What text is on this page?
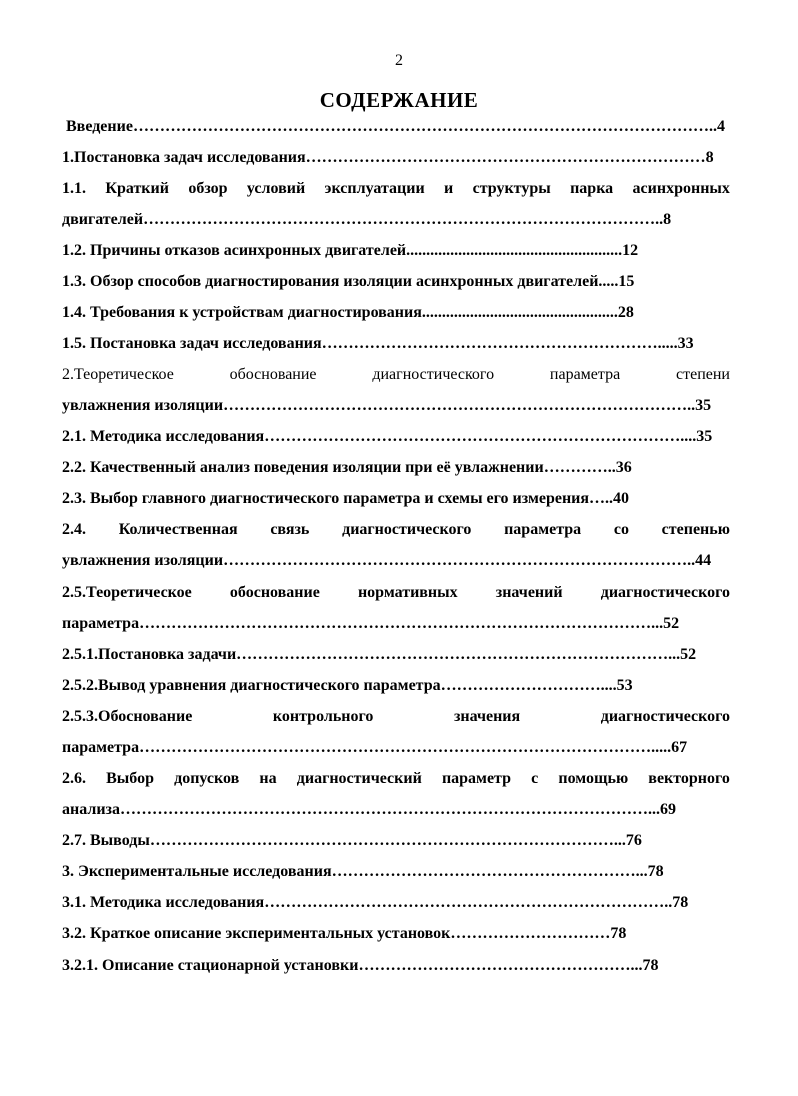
2
СОДЕРЖАНИЕ
Введение………………………………………………………………………………………………..4
1.Постановка задач исследования…………………………………………………………………8
1.1. Краткий обзор условий эксплуатации и структуры парка асинхронных
двигателей……………………………………………………………………………………..8
1.2. Причины отказов асинхронных двигателей......................................................12
1.3. Обзор способов диагностирования изоляции асинхронных двигателей.....15
1.4. Требования к устройствам диагностирования.................................................28
1.5. Постановка задач исследования……………………………………………………….....33
2.Теоретическое	обоснование	диагностического	параметра	степени
увлажнения изоляции……………………………………………………………………………..35
2.1. Методика исследования……………………………………………………………………....35
2.2. Качественный анализ поведения изоляции при её увлажнении…………..36
2.3. Выбор главного диагностического параметра и схемы его измерения…..40
2.4. Количественная связь диагностического параметра со степенью
увлажнения изоляции……………………………………………………………………………..44
2.5.Теоретическое обоснование нормативных значений диагностического
параметра……………………………………………………………………………………...52
2.5.1.Постановка задачи………………………………………………………………………...52
2.5.2.Вывод уравнения диагностического параметра…………………………....53
2.5.3.Обоснование	контрольного	значения	диагностического
параметра…………………………………………………………………………………….....67
2.6. Выбор допусков на диагностический параметр с помощью векторного
анализа………………………………………………………………………………………...69
2.7. Выводы……………………………………………………………………………...76
3. Экспериментальные исследования…………………………………………………...78
3.1. Методика исследования…………………………………………………………………..78
3.2. Краткое описание экспериментальных установок…………………………78
3.2.1. Описание стационарной установки……………………………………………...78
